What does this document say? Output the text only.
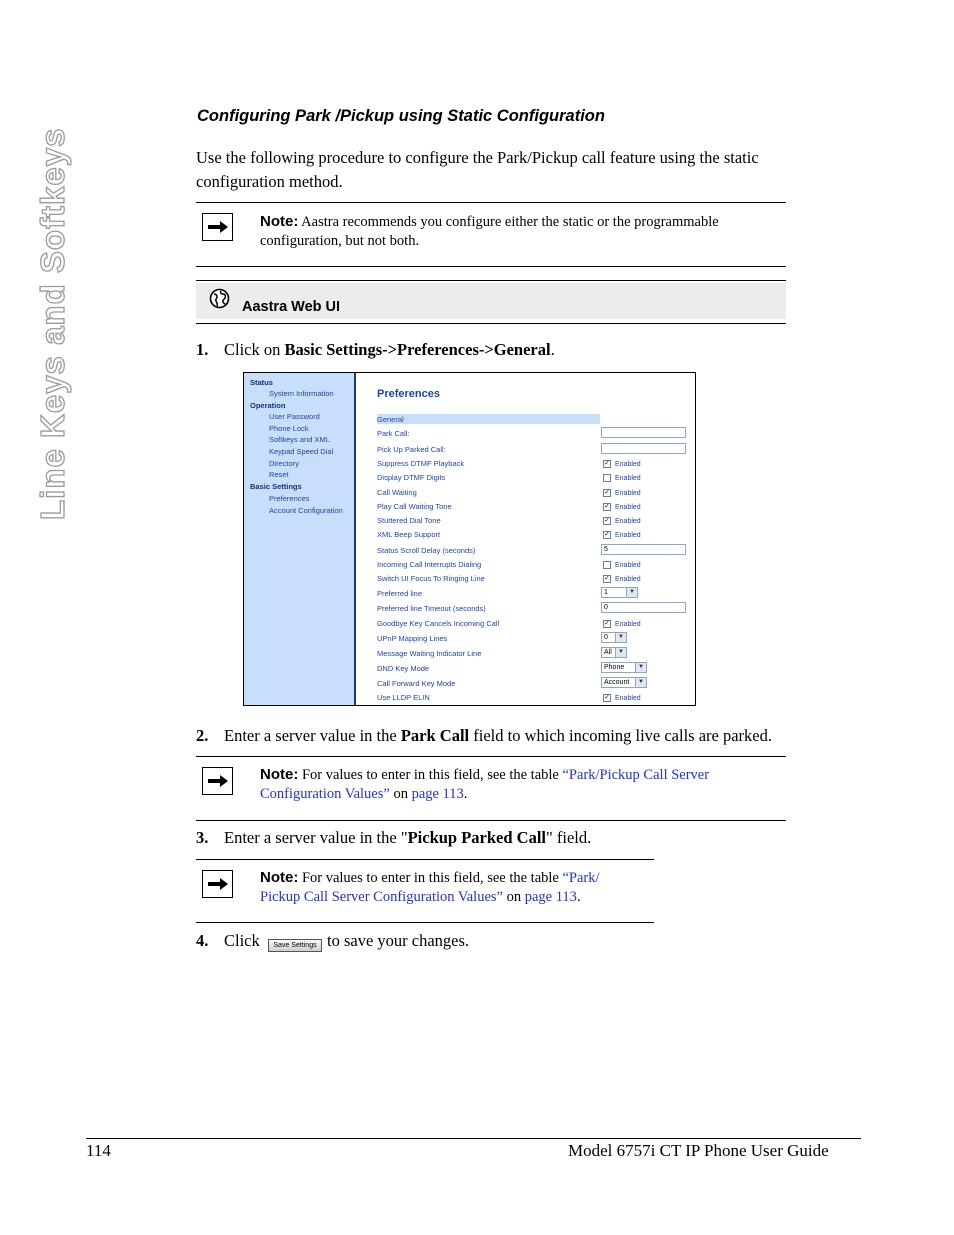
Line Keys and Softkeys
Configuring Park /Pickup using Static Configuration
Use the following procedure to configure the Park/Pickup call feature using the static configuration method.
Note: Aastra recommends you configure either the static or the programmable configuration, but not both.
Aastra Web UI
1. Click on Basic Settings->Preferences->General.
Status
System Information
Operation
User Password
Phone Lock
Softkeys and XML
Keypad Speed Dial
Directory
Reset
Basic Settings
Preferences
Account Configuration
Preferences
General
Park Call:
Pick Up Parked Call:
Suppress DTMF Playback	✓ Enabled
Display DTMF Digits	Enabled
Call Waiting	✓ Enabled
Play Call Waiting Tone	✓ Enabled
Stuttered Dial Tone	✓ Enabled
XML Beep Support	✓ Enabled
Status Scroll Delay (seconds)	5
Incoming Call Interrupts Dialing	Enabled
Switch UI Focus To Ringing Line	✓ Enabled
Preferred line	1	▼
Preferred line Timeout (seconds)	0
Goodbye Key Cancels Incoming Call	✓ Enabled
UPnP Mapping Lines	0	▼
Message Waiting Indicator Line	All	▼
DND Key Mode	Phone	▼
Call Forward Key Mode	Account	▼
Use LLDP ELIN	✓ Enabled
2. Enter a server value in the Park Call field to which incoming live calls are parked.
Note: For values to enter in this field, see the table “Park/Pickup Call Server
Configuration Values” on page 113.
3. Enter a server value in the "Pickup Parked Call" field.
Note: For values to enter in this field, see the table “Park/
Pickup Call Server Configuration Values” on page 113.
4. Click	Save Settings to save your changes.
114	Model 6757i CT IP Phone User Guide
